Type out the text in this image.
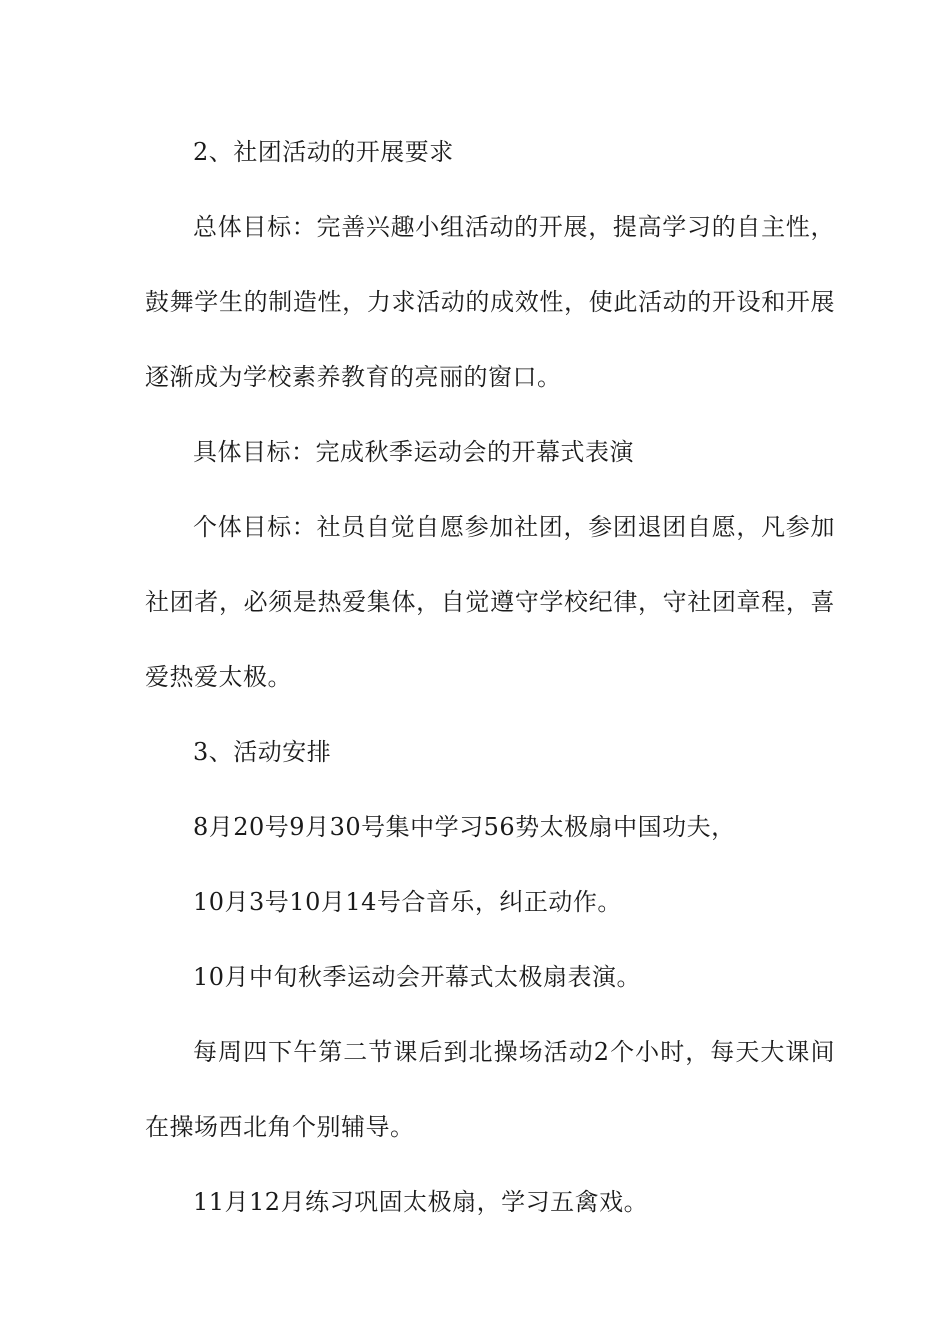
2、社团活动的开展要求

总体目标：完善兴趣小组活动的开展，提高学习的自主性，鼓舞学生的制造性，力求活动的成效性，使此活动的开设和开展逐渐成为学校素养教育的亮丽的窗口。

具体目标：完成秋季运动会的开幕式表演

个体目标：社员自觉自愿参加社团，参团退团自愿，凡参加社团者，必须是热爱集体，自觉遵守学校纪律，守社团章程，喜爱热爱太极。

3、活动安排

8月20号9月30号集中学习56势太极扇中国功夫，

10月3号10月14号合音乐，纠正动作。

10月中旬秋季运动会开幕式太极扇表演。

每周四下午第二节课后到北操场活动2个小时，每天大课间在操场西北角个别辅导。

11月12月练习巩固太极扇，学习五禽戏。
